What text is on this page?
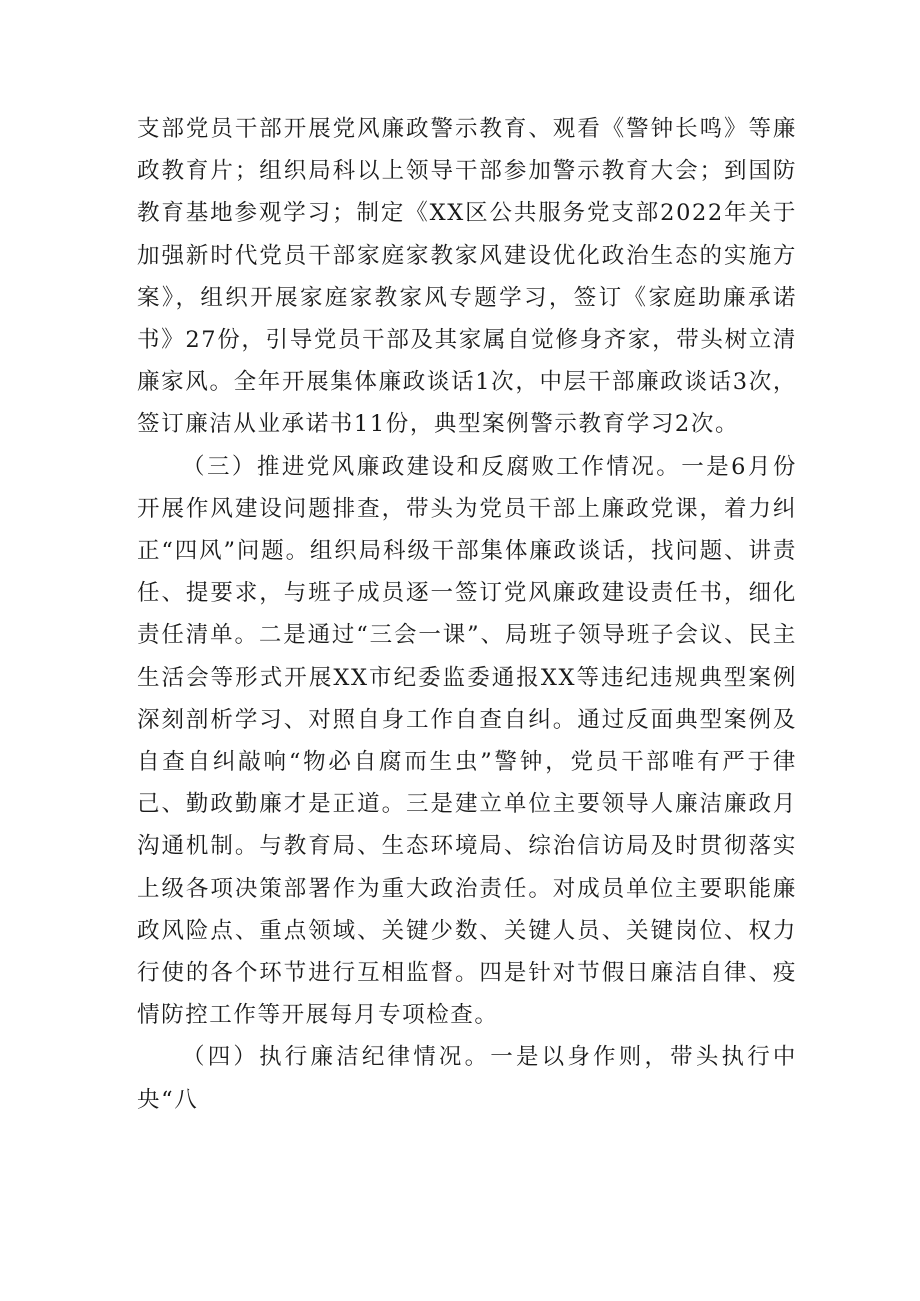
支部党员干部开展党风廉政警示教育、观看《警钟长鸣》等廉政教育片；组织局科以上领导干部参加警示教育大会；到国防教育基地参观学习；制定《XX区公共服务党支部2022年关于加强新时代党员干部家庭家教家风建设优化政治生态的实施方案》，组织开展家庭家教家风专题学习，签订《家庭助廉承诺书》27份，引导党员干部及其家属自觉修身齐家，带头树立清廉家风。全年开展集体廉政谈话1次，中层干部廉政谈话3次，签订廉洁从业承诺书11份，典型案例警示教育学习2次。

（三）推进党风廉政建设和反腐败工作情况。一是6月份开展作风建设问题排查，带头为党员干部上廉政党课，着力纠正“四风”问题。组织局科级干部集体廉政谈话，找问题、讲责任、提要求，与班子成员逐一签订党风廉政建设责任书，细化责任清单。二是通过“三会一课”、局班子领导班子会议、民主生活会等形式开展XX市纪委监委通报XX等违纪违规典型案例深刻剖析学习、对照自身工作自查自纠。通过反面典型案例及自查自纠敲响“物必自腐而生虫”警钟，党员干部唯有严于律己、勤政勤廉才是正道。三是建立单位主要领导人廉洁廉政月沟通机制。与教育局、生态环境局、综治信访局及时贯彻落实上级各项决策部署作为重大政治责任。对成员单位主要职能廉政风险点、重点领域、关键少数、关键人员、关键岗位、权力行使的各个环节进行互相监督。四是针对节假日廉洁自律、疫情防控工作等开展每月专项检查。

（四）执行廉洁纪律情况。一是以身作则，带头执行中央“八
